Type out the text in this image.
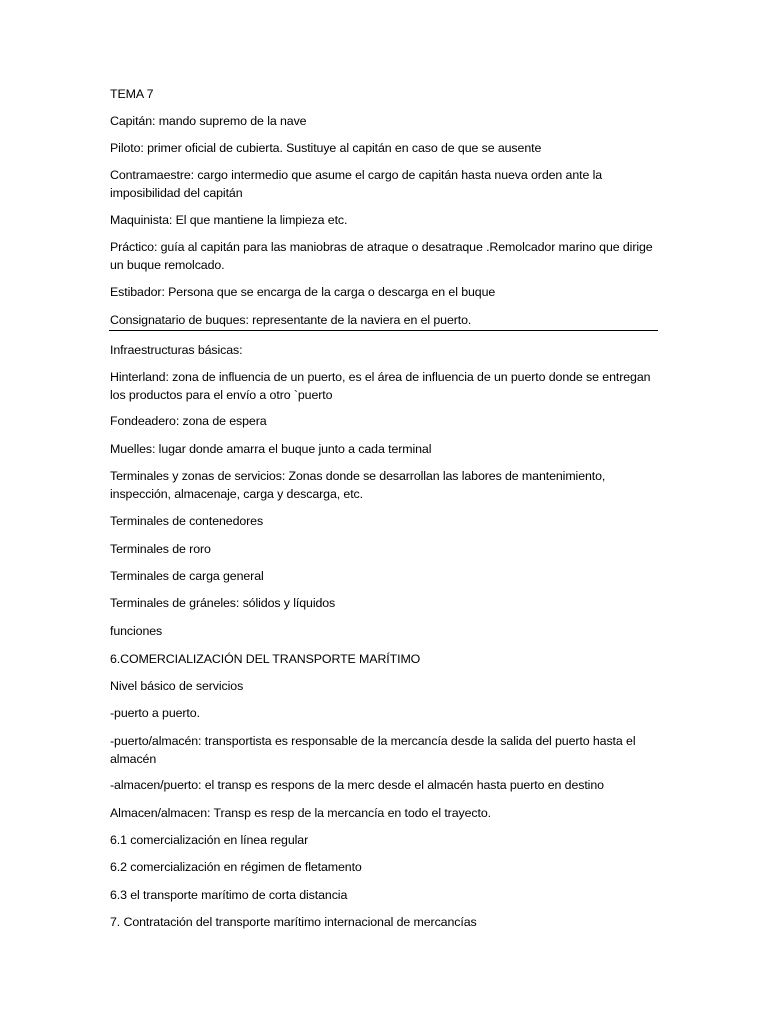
TEMA 7

Capitán: mando supremo de la nave

Piloto: primer oficial de cubierta. Sustituye al capitán en caso de que se ausente

Contramaestre: cargo intermedio que asume el cargo de capitán hasta nueva orden ante la imposibilidad del capitán

Maquinista: El que mantiene la limpieza etc.

Práctico: guía al capitán para las maniobras de atraque o desatraque .Remolcador marino que dirige un buque remolcado.

Estibador: Persona que se encarga de la carga o descarga en el buque

Consignatario de buques: representante de la naviera en el puerto.

Infraestructuras básicas:

Hinterland: zona de influencia de un puerto, es el área de influencia de un puerto donde se entregan los productos para el envío a otro `puerto

Fondeadero: zona de espera

Muelles: lugar donde amarra el buque junto a cada terminal

Terminales y zonas de servicios: Zonas donde se desarrollan las labores de mantenimiento, inspección, almacenaje, carga y descarga, etc.

Terminales de contenedores

Terminales de roro

Terminales de carga general

Terminales de gráneles: sólidos y líquidos

funciones

6.COMERCIALIZACIÓN DEL TRANSPORTE MARÍTIMO

Nivel básico de servicios

-puerto a puerto.

-puerto/almacén: transportista es responsable de la mercancía desde la salida del puerto hasta el almacén

-almacen/puerto: el transp es respons de la merc desde el almacén hasta puerto en destino

Almacen/almacen: Transp es resp de la mercancía en todo el trayecto.

6.1 comercialización en línea regular

6.2 comercialización en régimen de fletamento

6.3 el transporte marítimo de corta distancia

7. Contratación del transporte marítimo internacional de mercancías
